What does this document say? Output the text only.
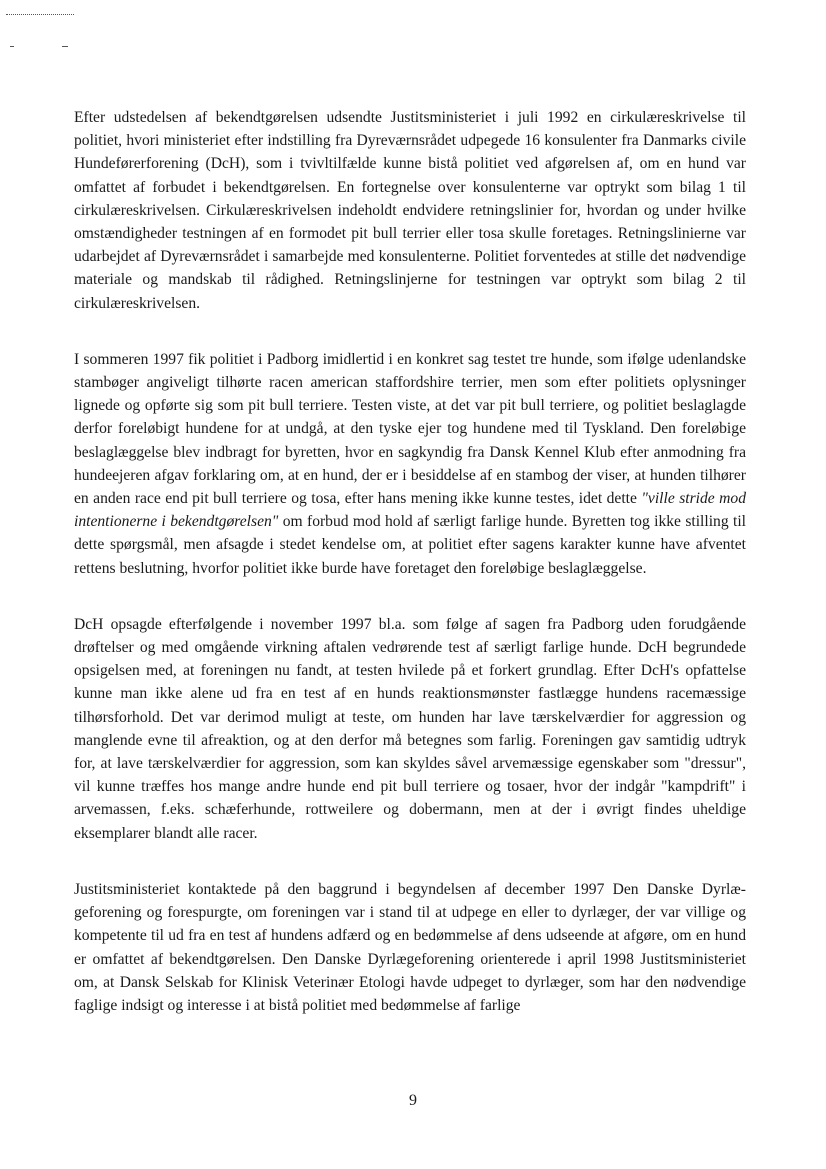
Efter udstedelsen af bekendtgørelsen udsendte Justitsministeriet i juli 1992 en cirkulæreskrivelse til politiet, hvori ministeriet efter indstilling fra Dyreværnsrådet udpegede 16 konsulenter fra Danmarks civile Hundeførerforening (DcH), som i tvivltilfælde kunne bistå politiet ved afgørelsen af, om en hund var omfattet af forbudet i bekendtgørelsen. En fortegnelse over konsulenterne var optrykt som bilag 1 til cirkulæreskrivelsen. Cirkulæreskrivelsen indeholdt endvidere retningslinier for, hvordan og under hvilke omstændigheder testningen af en formodet pit bull terrier eller tosa skulle foretages. Retningslinierne var udarbejdet af Dyreværnsrådet i samarbejde med konsulenterne. Politiet forventedes at stille det nødvendige materiale og mandskab til rådighed. Retningslinjerne for testningen var optrykt som bilag 2 til cirkulæreskrivelsen.

I sommeren 1997 fik politiet i Padborg imidlertid i en konkret sag testet tre hunde, som ifølge udenlandske stambøger angiveligt tilhørte racen american staffordshire terrier, men som efter politiets oplysninger lignede og opførte sig som pit bull terriere. Testen viste, at det var pit bull terriere, og politiet beslaglagde derfor foreløbigt hundene for at undgå, at den tyske ejer tog hundene med til Tyskland. Den foreløbige beslaglæggelse blev indbragt for byretten, hvor en sagkyndig fra Dansk Kennel Klub efter anmodning fra hundeejeren afgav forklaring om, at en hund, der er i besiddelse af en stambog der viser, at hunden tilhører en anden race end pit bull terriere og tosa, efter hans mening ikke kunne testes, idet dette "ville stride mod intentionerne i bekendtgørelsen" om forbud mod hold af særligt farlige hunde. Byretten tog ikke stilling til dette spørgsmål, men afsagde i stedet kendelse om, at politiet efter sagens karakter kunne have afventet rettens beslutning, hvorfor politiet ikke burde have foretaget den foreløbige beslaglæggelse.

DcH opsagde efterfølgende i november 1997 bl.a. som følge af sagen fra Padborg uden forudgående drøftelser og med omgående virkning aftalen vedrørende test af særligt farlige hunde. DcH begrundede opsigelsen med, at foreningen nu fandt, at testen hvilede på et forkert grundlag. Efter DcH's opfattelse kunne man ikke alene ud fra en test af en hunds reaktionsmønster fastlægge hundens racemæssige tilhørsforhold. Det var derimod muligt at teste, om hunden har lave tærskelværdier for aggression og manglende evne til afreaktion, og at den derfor må betegnes som farlig. Foreningen gav samtidig udtryk for, at lave tærskelværdier for aggression, som kan skyldes såvel arvemæssige egenskaber som "dressur", vil kunne træffes hos mange andre hunde end pit bull terriere og tosaer, hvor der indgår "kampdrift" i arvemassen, f.eks. schæferhunde, rottweilere og dobermann, men at der i øvrigt findes uheldige eksemplarer blandt alle racer.

Justitsministeriet kontaktede på den baggrund i begyndelsen af december 1997 Den Danske Dyrlægeforening og forespurgte, om foreningen var i stand til at udpege en eller to dyrlæger, der var villige og kompetente til ud fra en test af hundens adfærd og en bedømmelse af dens udseende at afgøre, om en hund er omfattet af bekendtgørelsen. Den Danske Dyrlægeforening orienterede i april 1998 Justitsministeriet om, at Dansk Selskab for Klinisk Veterinær Etologi havde udpeget to dyrlæger, som har den nødvendige faglige indsigt og interesse i at bistå politiet med bedømmelse af farlige

9
